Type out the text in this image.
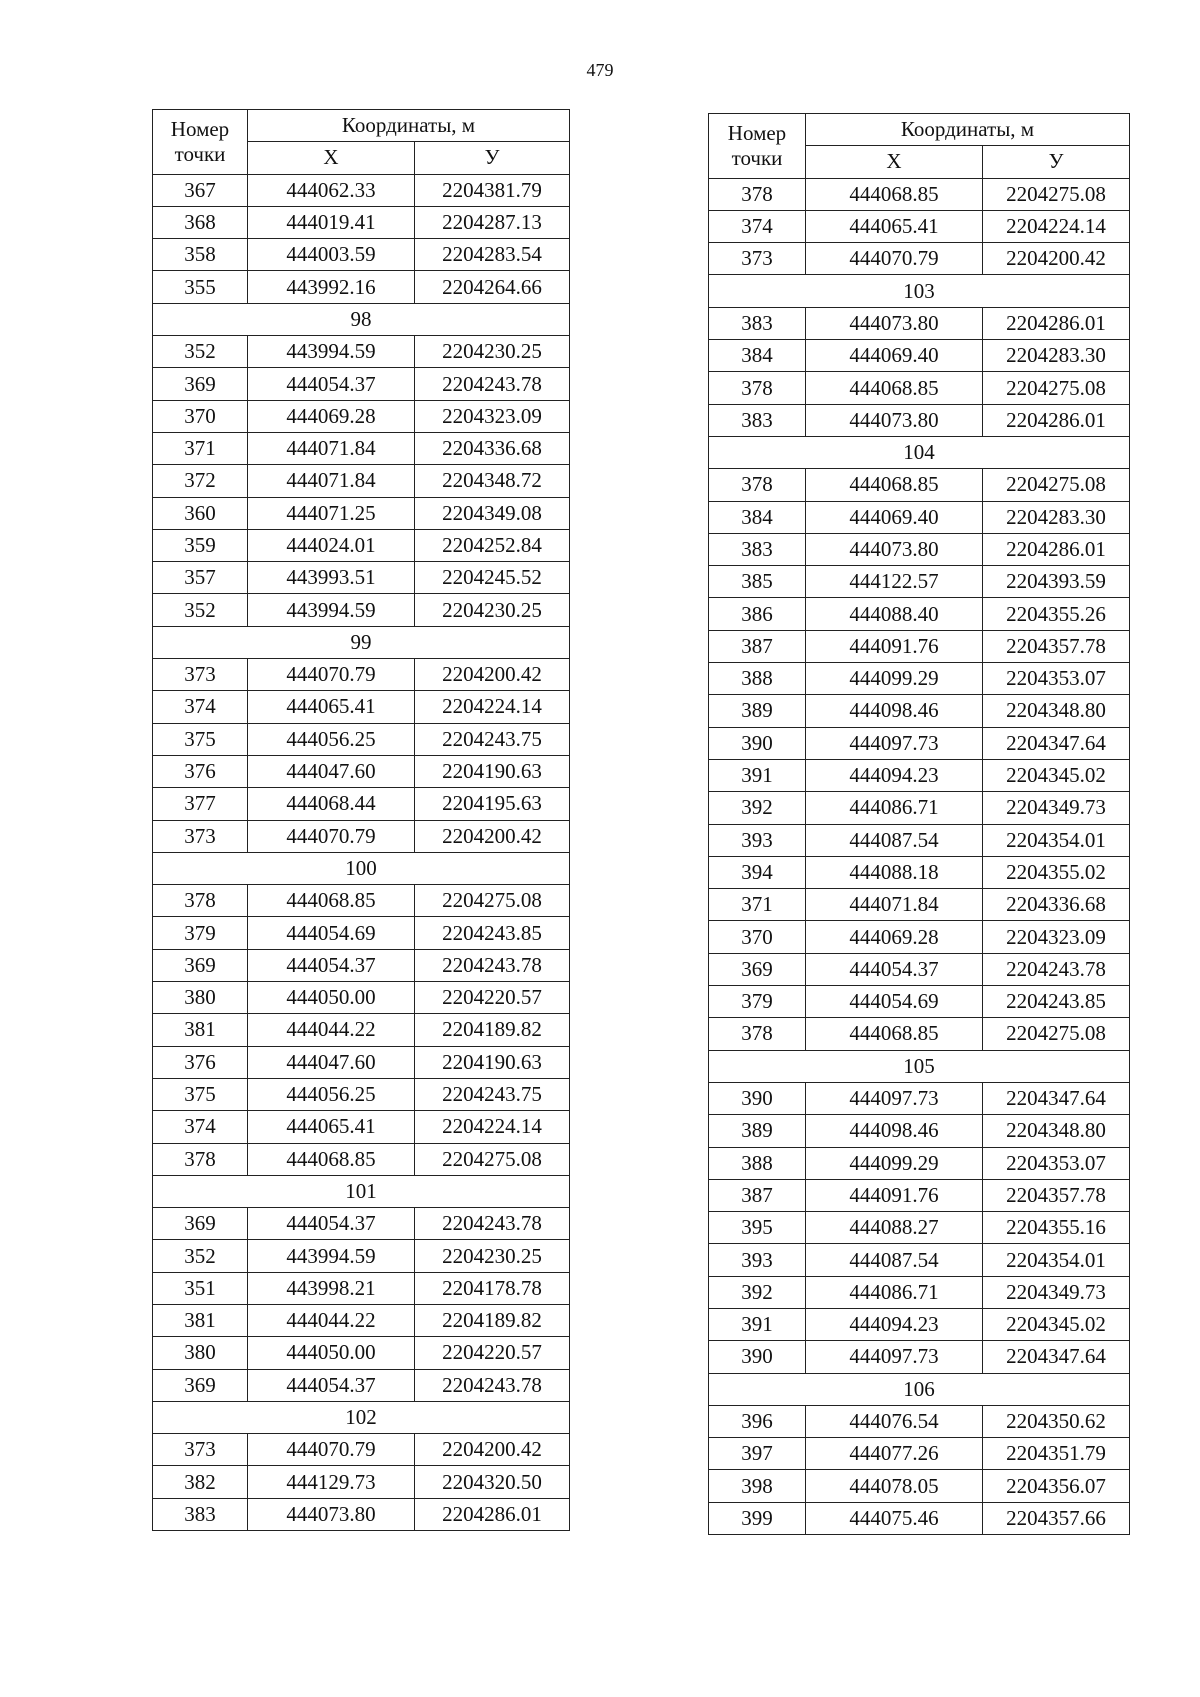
479
Номер точки	Координаты, м	
	Х	У
367	444062.33	2204381.79
368	444019.41	2204287.13
358	444003.59	2204283.54
355	443992.16	2204264.66
98		
352	443994.59	2204230.25
369	444054.37	2204243.78
370	444069.28	2204323.09
371	444071.84	2204336.68
372	444071.84	2204348.72
360	444071.25	2204349.08
359	444024.01	2204252.84
357	443993.51	2204245.52
352	443994.59	2204230.25
99		
373	444070.79	2204200.42
374	444065.41	2204224.14
375	444056.25	2204243.75
376	444047.60	2204190.63
377	444068.44	2204195.63
373	444070.79	2204200.42
100		
378	444068.85	2204275.08
379	444054.69	2204243.85
369	444054.37	2204243.78
380	444050.00	2204220.57
381	444044.22	2204189.82
376	444047.60	2204190.63
375	444056.25	2204243.75
374	444065.41	2204224.14
378	444068.85	2204275.08
101		
369	444054.37	2204243.78
352	443994.59	2204230.25
351	443998.21	2204178.78
381	444044.22	2204189.82
380	444050.00	2204220.57
369	444054.37	2204243.78
102		
373	444070.79	2204200.42
382	444129.73	2204320.50
383	444073.80	2204286.01
Номер точки	Координаты, м	
	Х	У
378	444068.85	2204275.08
374	444065.41	2204224.14
373	444070.79	2204200.42
103		
383	444073.80	2204286.01
384	444069.40	2204283.30
378	444068.85	2204275.08
383	444073.80	2204286.01
104		
378	444068.85	2204275.08
384	444069.40	2204283.30
383	444073.80	2204286.01
385	444122.57	2204393.59
386	444088.40	2204355.26
387	444091.76	2204357.78
388	444099.29	2204353.07
389	444098.46	2204348.80
390	444097.73	2204347.64
391	444094.23	2204345.02
392	444086.71	2204349.73
393	444087.54	2204354.01
394	444088.18	2204355.02
371	444071.84	2204336.68
370	444069.28	2204323.09
369	444054.37	2204243.78
379	444054.69	2204243.85
378	444068.85	2204275.08
105		
390	444097.73	2204347.64
389	444098.46	2204348.80
388	444099.29	2204353.07
387	444091.76	2204357.78
395	444088.27	2204355.16
393	444087.54	2204354.01
392	444086.71	2204349.73
391	444094.23	2204345.02
390	444097.73	2204347.64
106		
396	444076.54	2204350.62
397	444077.26	2204351.79
398	444078.05	2204356.07
399	444075.46	2204357.66
